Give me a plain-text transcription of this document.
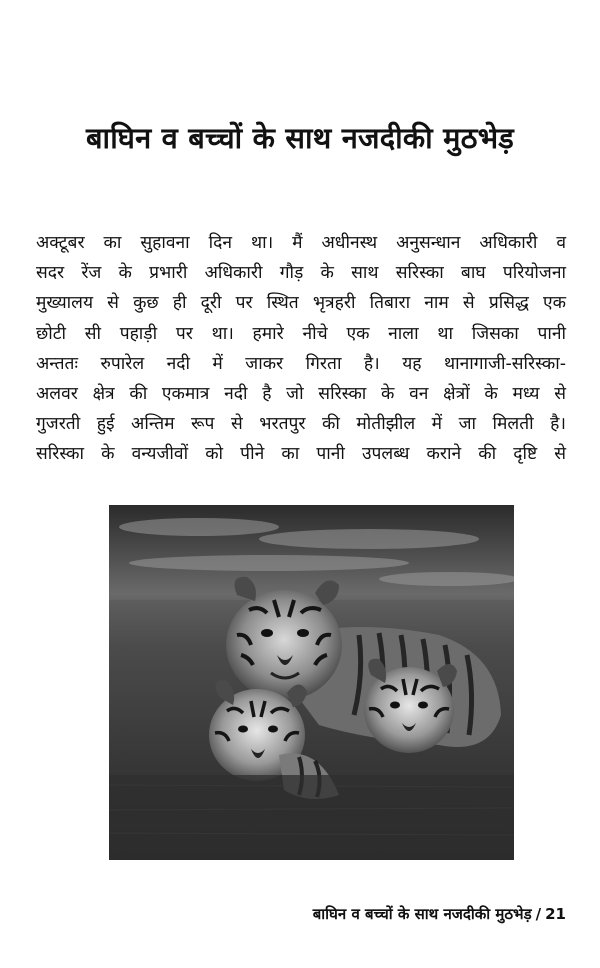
बाघिन व बच्चों के साथ नजदीकी मुठभेड़
अक्टूबर का सुहावना दिन था। मैं अधीनस्थ अनुसन्धान अधिकारी व
सदर रेंज के प्रभारी अधिकारी गौड़ के साथ सरिस्का बाघ परियोजना
मुख्यालय से कुछ ही दूरी पर स्थित भृत्रहरी तिबारा नाम से प्रसिद्ध एक
छोटी सी पहाड़ी पर था। हमारे नीचे एक नाला था जिसका पानी
अन्ततः रुपारेल नदी में जाकर गिरता है। यह थानागाजी-सरिस्का-
अलवर क्षेत्र की एकमात्र नदी है जो सरिस्का के वन क्षेत्रों के मध्य से
गुजरती हुई अन्तिम रूप से भरतपुर की मोतीझील में जा मिलती है।
सरिस्का के वन्यजीवों को पीने का पानी उपलब्ध कराने की दृष्टि से
बाघिन व बच्चों के साथ नजदीकी मुठभेड़ / 21
